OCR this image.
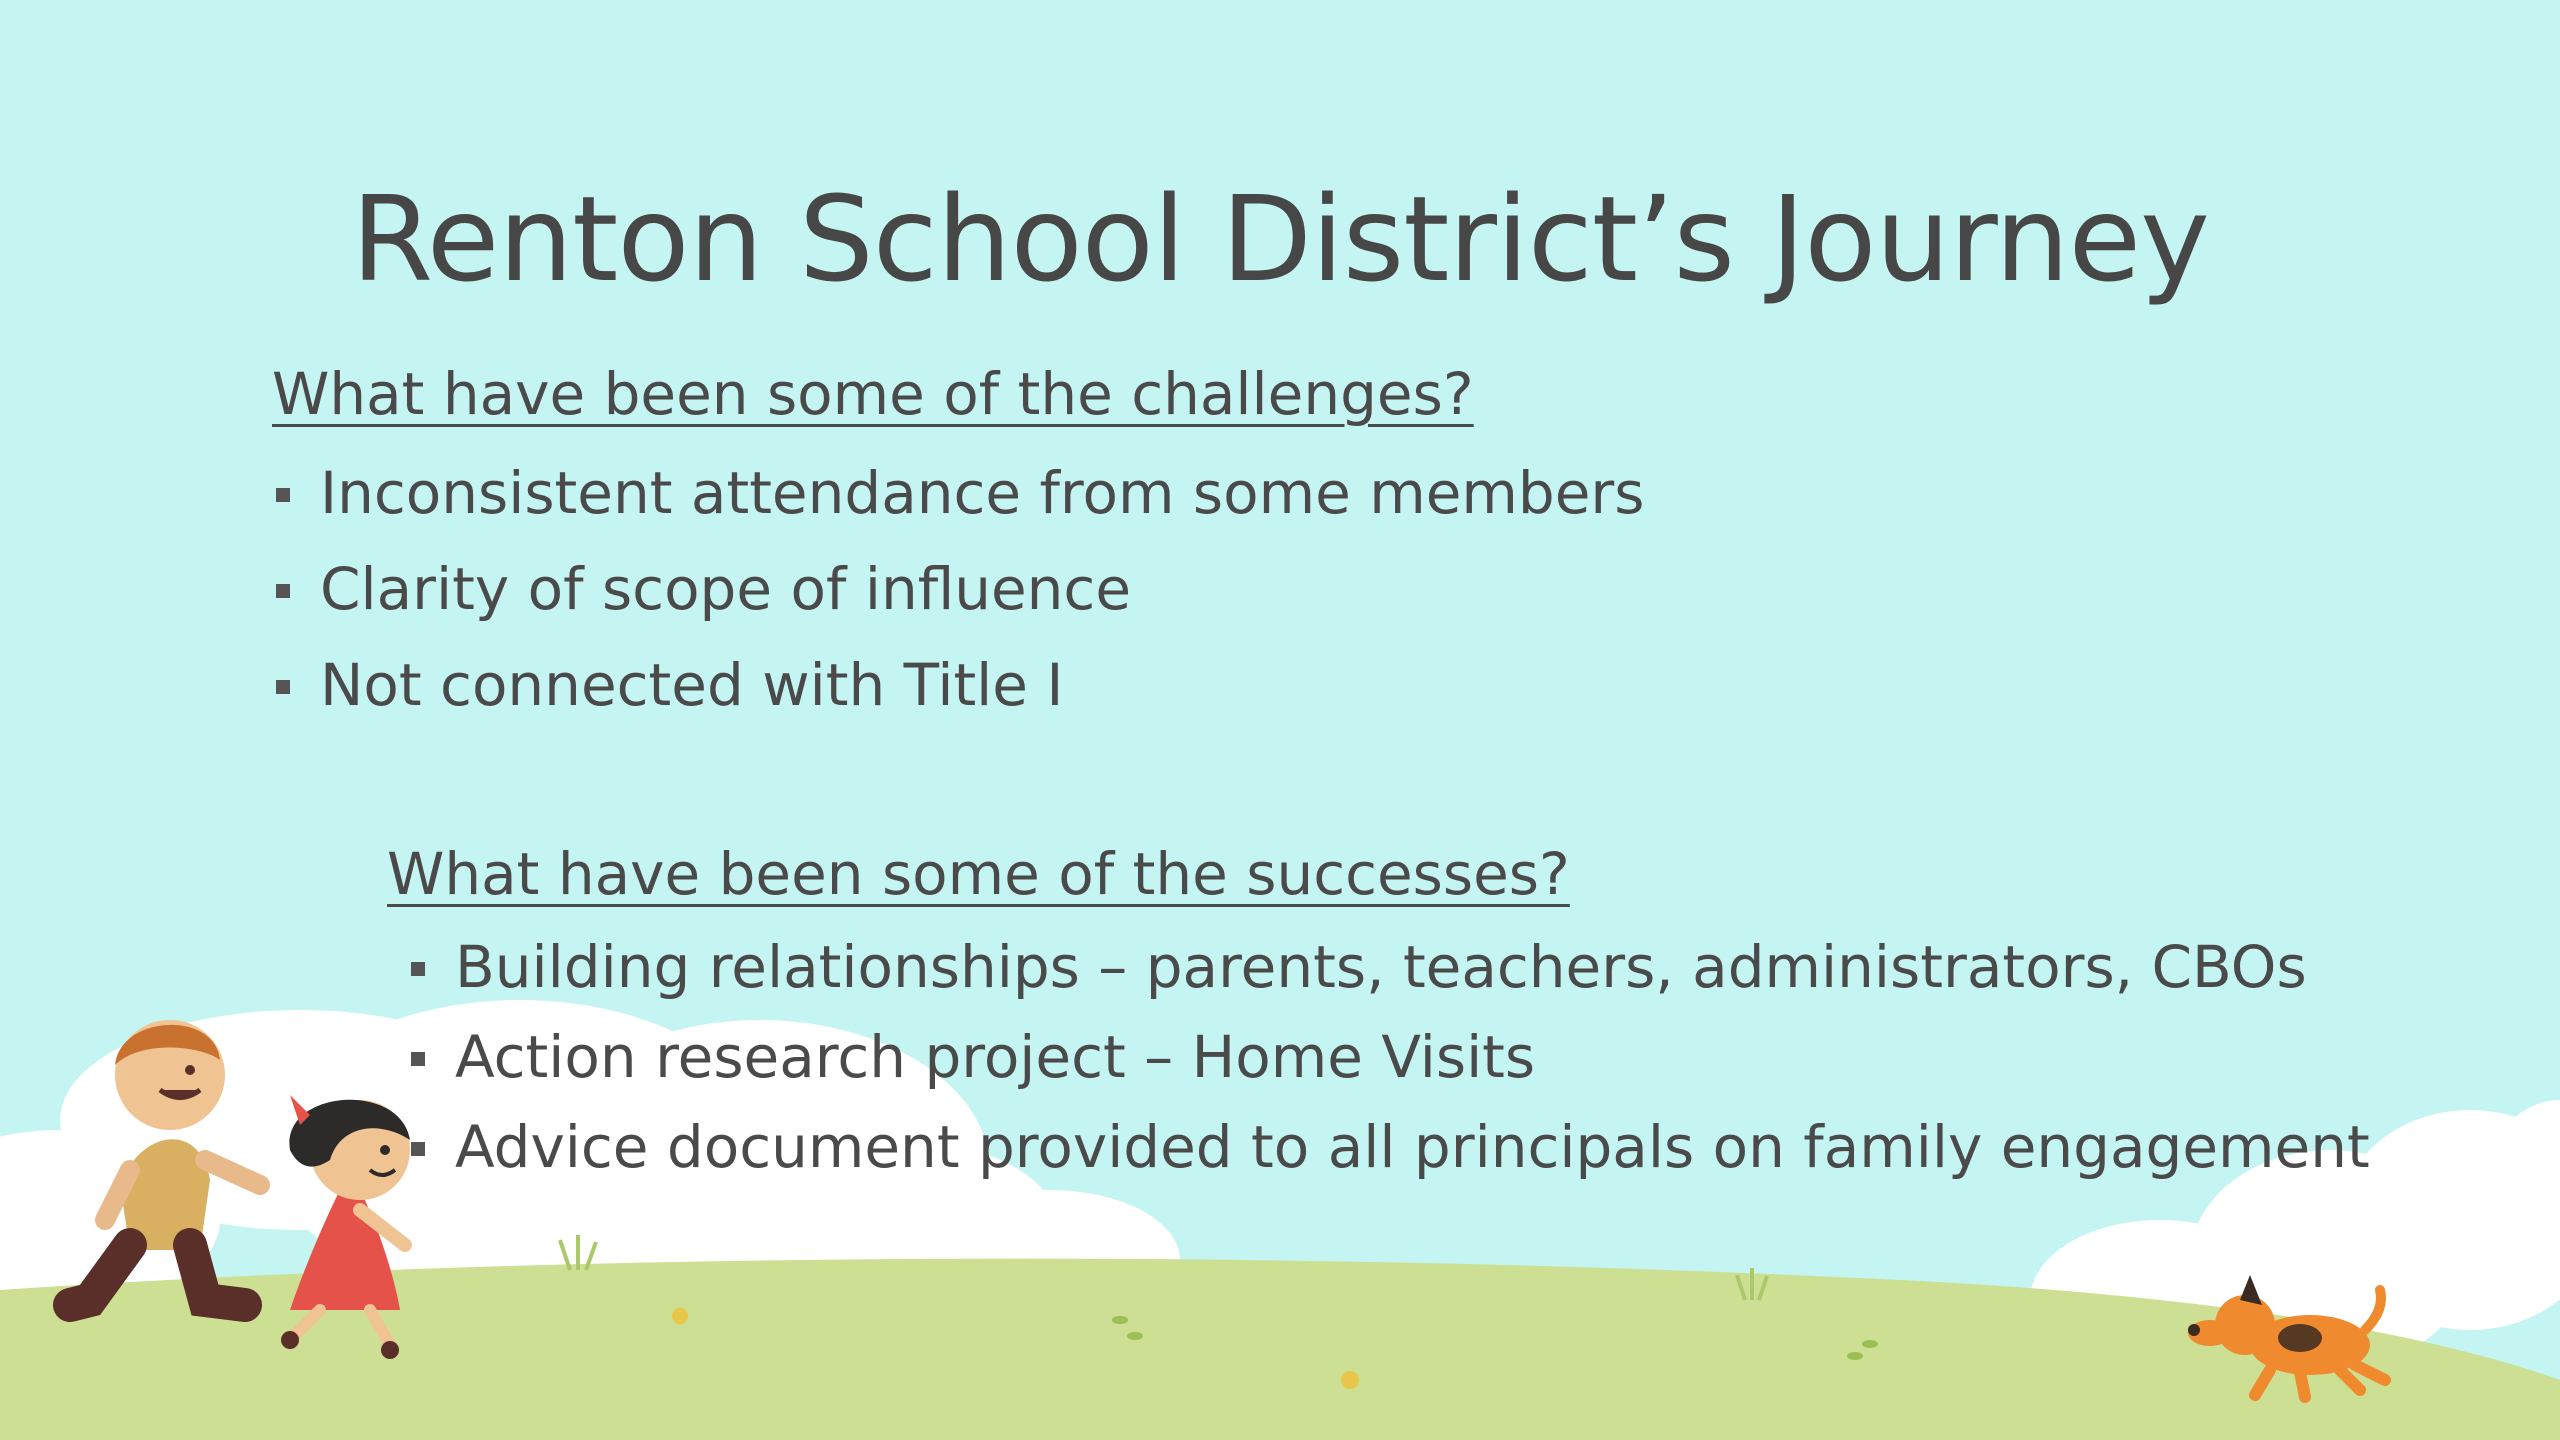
Renton School District’s Journey
What have been some of the challenges?
Inconsistent attendance from some members
Clarity of scope of influence
Not connected with Title I
What have been some of the successes?
Building relationships – parents, teachers, administrators, CBOs
Action research project – Home Visits
Advice document provided to all principals on family engagement
